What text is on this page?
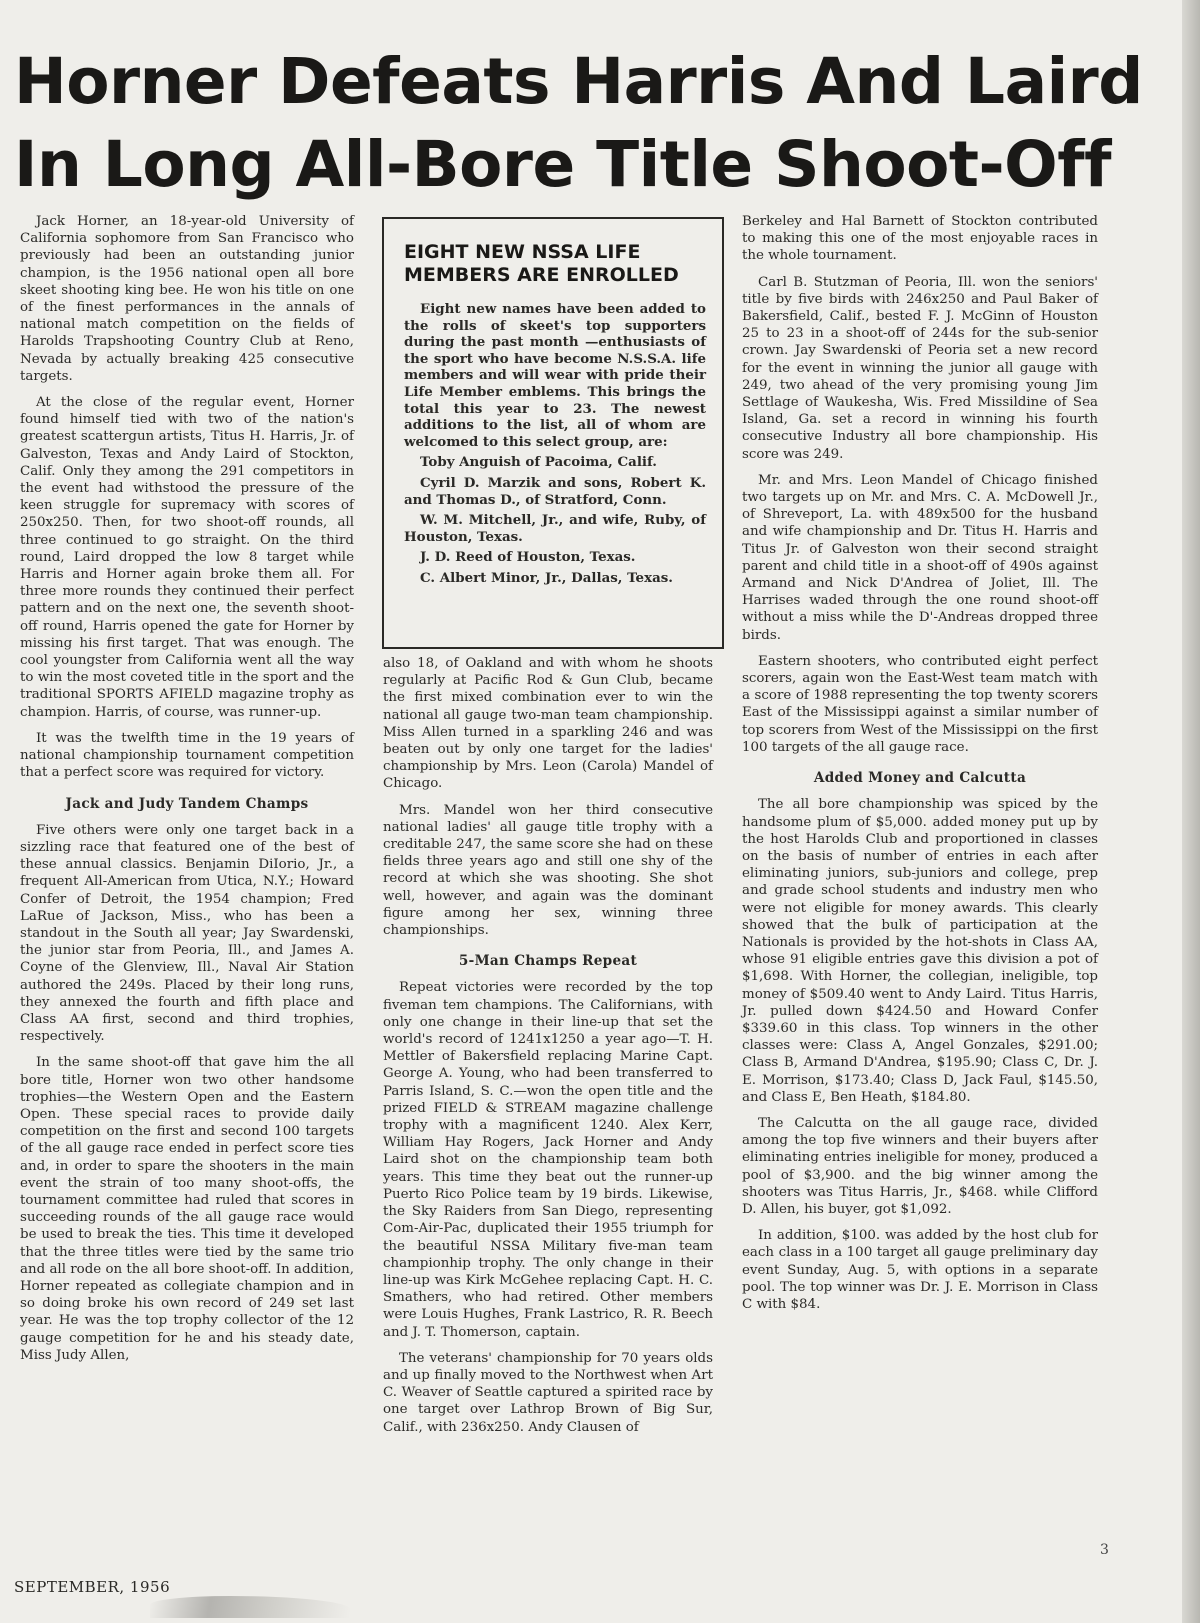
Horner Defeats Harris And Laird
In Long All-Bore Title Shoot-Off

Jack Horner, an 18-year-old University of California sophomore from San Francisco who previously had been an outstanding junior champion, is the 1956 national open all bore skeet shooting king bee. He won his title on one of the finest performances in the annals of national match competition on the fields of Harolds Trapshooting Country Club at Reno, Nevada by actually breaking 425 consecutive targets.

At the close of the regular event, Horner found himself tied with two of the nation's greatest scattergun artists, Titus H. Harris, Jr. of Galveston, Texas and Andy Laird of Stockton, Calif. Only they among the 291 competitors in the event had withstood the pressure of the keen struggle for supremacy with scores of 250x250. Then, for two shoot-off rounds, all three continued to go straight. On the third round, Laird dropped the low 8 target while Harris and Horner again broke them all. For three more rounds they continued their perfect pattern and on the next one, the seventh shoot-off round, Harris opened the gate for Horner by missing his first target. That was enough. The cool youngster from California went all the way to win the most coveted title in the sport and the traditional SPORTS AFIELD magazine trophy as champion. Harris, of course, was runner-up.

It was the twelfth time in the 19 years of national championship tournament competition that a perfect score was required for victory.

Jack and Judy Tandem Champs

Five others were only one target back in a sizzling race that featured one of the best of these annual classics. Benjamin DiIorio, Jr., a frequent All-American from Utica, N.Y.; Howard Confer of Detroit, the 1954 champion; Fred LaRue of Jackson, Miss., who has been a standout in the South all year; Jay Swardenski, the junior star from Peoria, Ill., and James A. Coyne of the Glenview, Ill., Naval Air Station authored the 249s. Placed by their long runs, they annexed the fourth and fifth place and Class AA first, second and third trophies, respectively.

In the same shoot-off that gave him the all bore title, Horner won two other handsome trophies—the Western Open and the Eastern Open. These special races to provide daily competition on the first and second 100 targets of the all gauge race ended in perfect score ties and, in order to spare the shooters in the main event the strain of too many shoot-offs, the tournament committee had ruled that scores in succeeding rounds of the all gauge race would be used to break the ties. This time it developed that the three titles were tied by the same trio and all rode on the all bore shoot-off. In addition, Horner repeated as collegiate champion and in so doing broke his own record of 249 set last year. He was the top trophy collector of the 12 gauge competition for he and his steady date, Miss Judy Allen,

EIGHT NEW NSSA LIFE MEMBERS ARE ENROLLED

Eight new names have been added to the rolls of skeet's top supporters during the past month —enthusiasts of the sport who have become N.S.S.A. life members and will wear with pride their Life Member emblems. This brings the total this year to 23. The newest additions to the list, all of whom are welcomed to this select group, are:

Toby Anguish of Pacoima, Calif.

Cyril D. Marzik and sons, Robert K. and Thomas D., of Stratford, Conn.

W. M. Mitchell, Jr., and wife, Ruby, of Houston, Texas.

J. D. Reed of Houston, Texas.

C. Albert Minor, Jr., Dallas, Texas.

also 18, of Oakland and with whom he shoots regularly at Pacific Rod & Gun Club, became the first mixed combination ever to win the national all gauge two-man team championship. Miss Allen turned in a sparkling 246 and was beaten out by only one target for the ladies' championship by Mrs. Leon (Carola) Mandel of Chicago.

Mrs. Mandel won her third consecutive national ladies' all gauge title trophy with a creditable 247, the same score she had on these fields three years ago and still one shy of the record at which she was shooting. She shot well, however, and again was the dominant figure among her sex, winning three championships.

5-Man Champs Repeat

Repeat victories were recorded by the top fiveman tem champions. The Californians, with only one change in their line-up that set the world's record of 1241x1250 a year ago—T. H. Mettler of Bakersfield replacing Marine Capt. George A. Young, who had been transferred to Parris Island, S. C.—won the open title and the prized FIELD & STREAM magazine challenge trophy with a magnificent 1240. Alex Kerr, William Hay Rogers, Jack Horner and Andy Laird shot on the championship team both years. This time they beat out the runner-up Puerto Rico Police team by 19 birds. Likewise, the Sky Raiders from San Diego, representing Com-Air-Pac, duplicated their 1955 triumph for the beautiful NSSA Military five-man team championhip trophy. The only change in their line-up was Kirk McGehee replacing Capt. H. C. Smathers, who had retired. Other members were Louis Hughes, Frank Lastrico, R. R. Beech and J. T. Thomerson, captain.

The veterans' championship for 70 years olds and up finally moved to the Northwest when Art C. Weaver of Seattle captured a spirited race by one target over Lathrop Brown of Big Sur, Calif., with 236x250. Andy Clausen of

Berkeley and Hal Barnett of Stockton contributed to making this one of the most enjoyable races in the whole tournament.

Carl B. Stutzman of Peoria, Ill. won the seniors' title by five birds with 246x250 and Paul Baker of Bakersfield, Calif., bested F. J. McGinn of Houston 25 to 23 in a shoot-off of 244s for the sub-senior crown. Jay Swardenski of Peoria set a new record for the event in winning the junior all gauge with 249, two ahead of the very promising young Jim Settlage of Waukesha, Wis. Fred Missildine of Sea Island, Ga. set a record in winning his fourth consecutive Industry all bore championship. His score was 249.

Mr. and Mrs. Leon Mandel of Chicago finished two targets up on Mr. and Mrs. C. A. McDowell Jr., of Shreveport, La. with 489x500 for the husband and wife championship and Dr. Titus H. Harris and Titus Jr. of Galveston won their second straight parent and child title in a shoot-off of 490s against Armand and Nick D'Andrea of Joliet, Ill. The Harrises waded through the one round shoot-off without a miss while the D'-Andreas dropped three birds.

Eastern shooters, who contributed eight perfect scorers, again won the East-West team match with a score of 1988 representing the top twenty scorers East of the Mississippi against a similar number of top scorers from West of the Mississippi on the first 100 targets of the all gauge race.

Added Money and Calcutta

The all bore championship was spiced by the handsome plum of $5,000. added money put up by the host Harolds Club and proportioned in classes on the basis of number of entries in each after eliminating juniors, sub-juniors and college, prep and grade school students and industry men who were not eligible for money awards. This clearly showed that the bulk of participation at the Nationals is provided by the hot-shots in Class AA, whose 91 eligible entries gave this division a pot of $1,698. With Horner, the collegian, ineligible, top money of $509.40 went to Andy Laird. Titus Harris, Jr. pulled down $424.50 and Howard Confer $339.60 in this class. Top winners in the other classes were: Class A, Angel Gonzales, $291.00; Class B, Armand D'Andrea, $195.90; Class C, Dr. J. E. Morrison, $173.40; Class D, Jack Faul, $145.50, and Class E, Ben Heath, $184.80.

The Calcutta on the all gauge race, divided among the top five winners and their buyers after eliminating entries ineligible for money, produced a pool of $3,900. and the big winner among the shooters was Titus Harris, Jr., $468. while Clifford D. Allen, his buyer, got $1,092.

In addition, $100. was added by the host club for each class in a 100 target all gauge preliminary day event Sunday, Aug. 5, with options in a separate pool. The top winner was Dr. J. E. Morrison in Class C with $84.

SEPTEMBER, 1956
3
